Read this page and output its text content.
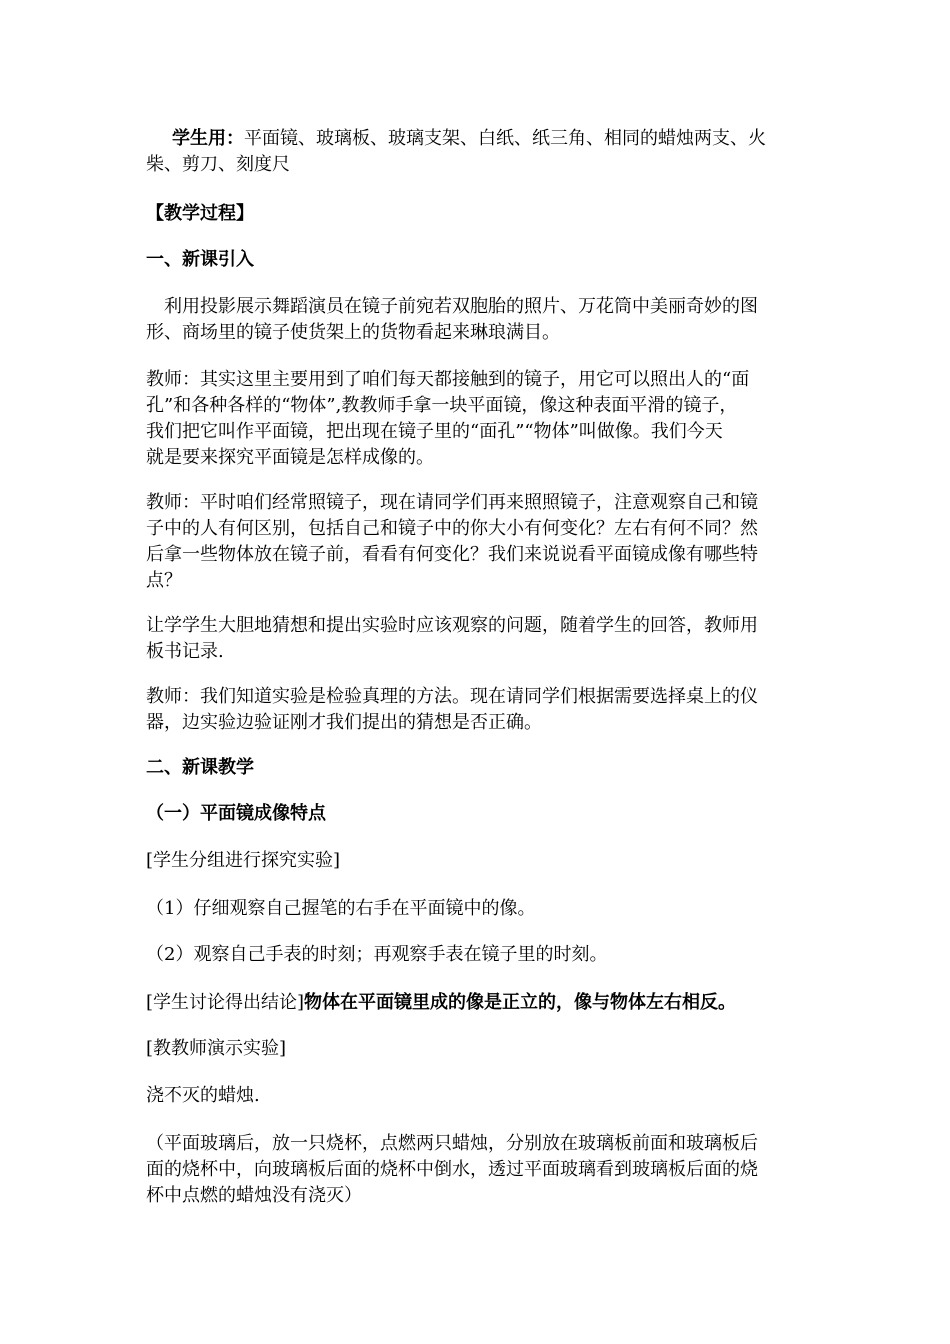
学生用：平面镜、玻璃板、玻璃支架、白纸、纸三角、相同的蜡烛两支、火
柴、剪刀、刻度尺
【教学过程】
一、新课引入
　利用投影展示舞蹈演员在镜子前宛若双胞胎的照片、万花筒中美丽奇妙的图
形、商场里的镜子使货架上的货物看起来琳琅满目。
教师：其实这里主要用到了咱们每天都接触到的镜子，用它可以照出人的“面
孔”和各种各样的“物体”,教教师手拿一块平面镜，像这种表面平滑的镜子，
我们把它叫作平面镜，把出现在镜子里的“面孔”“物体”叫做像。我们今天
就是要来探究平面镜是怎样成像的。
教师：平时咱们经常照镜子，现在请同学们再来照照镜子，注意观察自己和镜
子中的人有何区别，包括自己和镜子中的你大小有何变化？左右有何不同？然
后拿一些物体放在镜子前，看看有何变化？我们来说说看平面镜成像有哪些特
点？
让学学生大胆地猜想和提出实验时应该观察的问题，随着学生的回答，教师用
板书记录.
教师：我们知道实验是检验真理的方法。现在请同学们根据需要选择桌上的仪
器，边实验边验证刚才我们提出的猜想是否正确。
二、新课教学
（一）平面镜成像特点
[学生分组进行探究实验]
（1）仔细观察自己握笔的右手在平面镜中的像。
（2）观察自己手表的时刻；再观察手表在镜子里的时刻。
[学生讨论得出结论]物体在平面镜里成的像是正立的，像与物体左右相反。
[教教师演示实验]
浇不灭的蜡烛.
（平面玻璃后，放一只烧杯，点燃两只蜡烛，分别放在玻璃板前面和玻璃板后
面的烧杯中，向玻璃板后面的烧杯中倒水，透过平面玻璃看到玻璃板后面的烧
杯中点燃的蜡烛没有浇灭）
